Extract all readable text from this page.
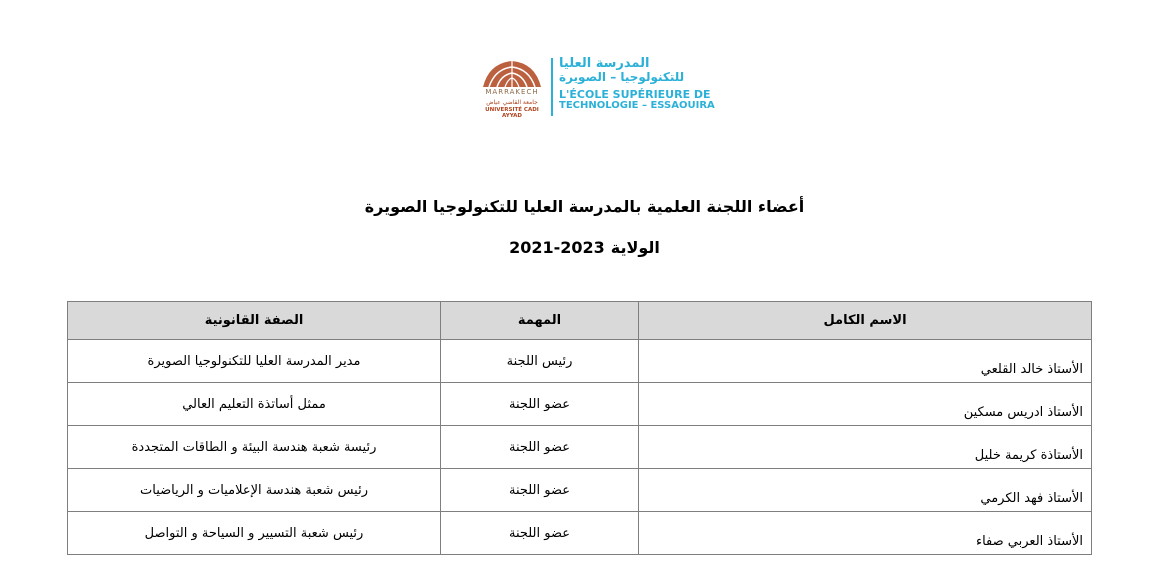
MARRAKECH
جامعة القاضي عياض
UNIVERSITÉ CADI AYYAD
المدرسة العليا
للتكنولوجيا – الصويرة
L'ÉCOLE SUPÉRIEURE DE
TECHNOLOGIE – ESSAOUIRA
أعضاء اللجنة العلمية بالمدرسة العليا للتكنولوجيا الصويرة
2021-2023 الولاية
الاسم الكامل	المهمة	الصفة القانونية
الأستاذ خالد القلعي	رئيس اللجنة	مدير المدرسة العليا للتكنولوجيا الصويرة
الأستاذ ادريس مسكين	عضو اللجنة	ممثل أساتذة التعليم العالي
الأستاذة كريمة خليل	عضو اللجنة	رئيسة شعبة هندسة البيئة و الطاقات المتجددة
الأستاذ فهد الكرمي	عضو اللجنة	رئيس شعبة هندسة الإعلاميات و الرياضيات
الأستاذ العربي صفاء	عضو اللجنة	رئيس شعبة التسيير و السياحة و التواصل
